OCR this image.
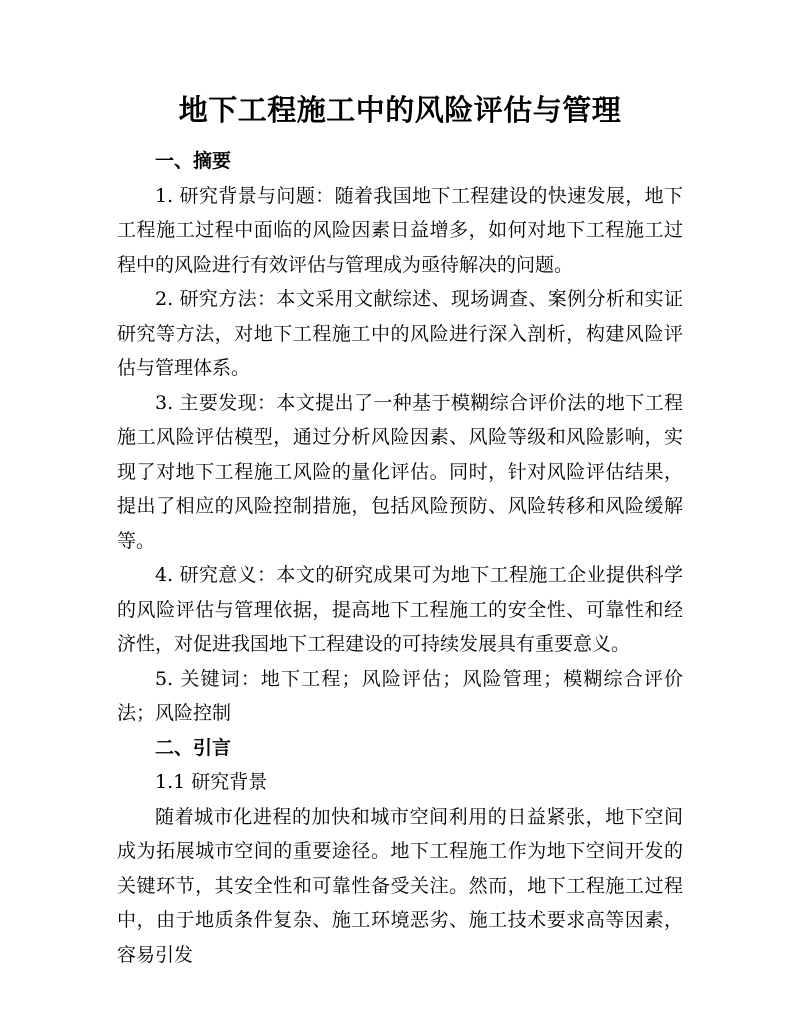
地下工程施工中的风险评估与管理

一、摘要

1. 研究背景与问题：随着我国地下工程建设的快速发展，地下工程施工过程中面临的风险因素日益增多，如何对地下工程施工过程中的风险进行有效评估与管理成为亟待解决的问题。

2. 研究方法：本文采用文献综述、现场调查、案例分析和实证研究等方法，对地下工程施工中的风险进行深入剖析，构建风险评估与管理体系。

3. 主要发现：本文提出了一种基于模糊综合评价法的地下工程施工风险评估模型，通过分析风险因素、风险等级和风险影响，实现了对地下工程施工风险的量化评估。同时，针对风险评估结果，提出了相应的风险控制措施，包括风险预防、风险转移和风险缓解等。

4. 研究意义：本文的研究成果可为地下工程施工企业提供科学的风险评估与管理依据，提高地下工程施工的安全性、可靠性和经济性，对促进我国地下工程建设的可持续发展具有重要意义。

5. 关键词：地下工程；风险评估；风险管理；模糊综合评价法；风险控制

二、引言

1.1 研究背景

随着城市化进程的加快和城市空间利用的日益紧张，地下空间成为拓展城市空间的重要途径。地下工程施工作为地下空间开发的关键环节，其安全性和可靠性备受关注。然而，地下工程施工过程中，由于地质条件复杂、施工环境恶劣、施工技术要求高等因素，容易引发
